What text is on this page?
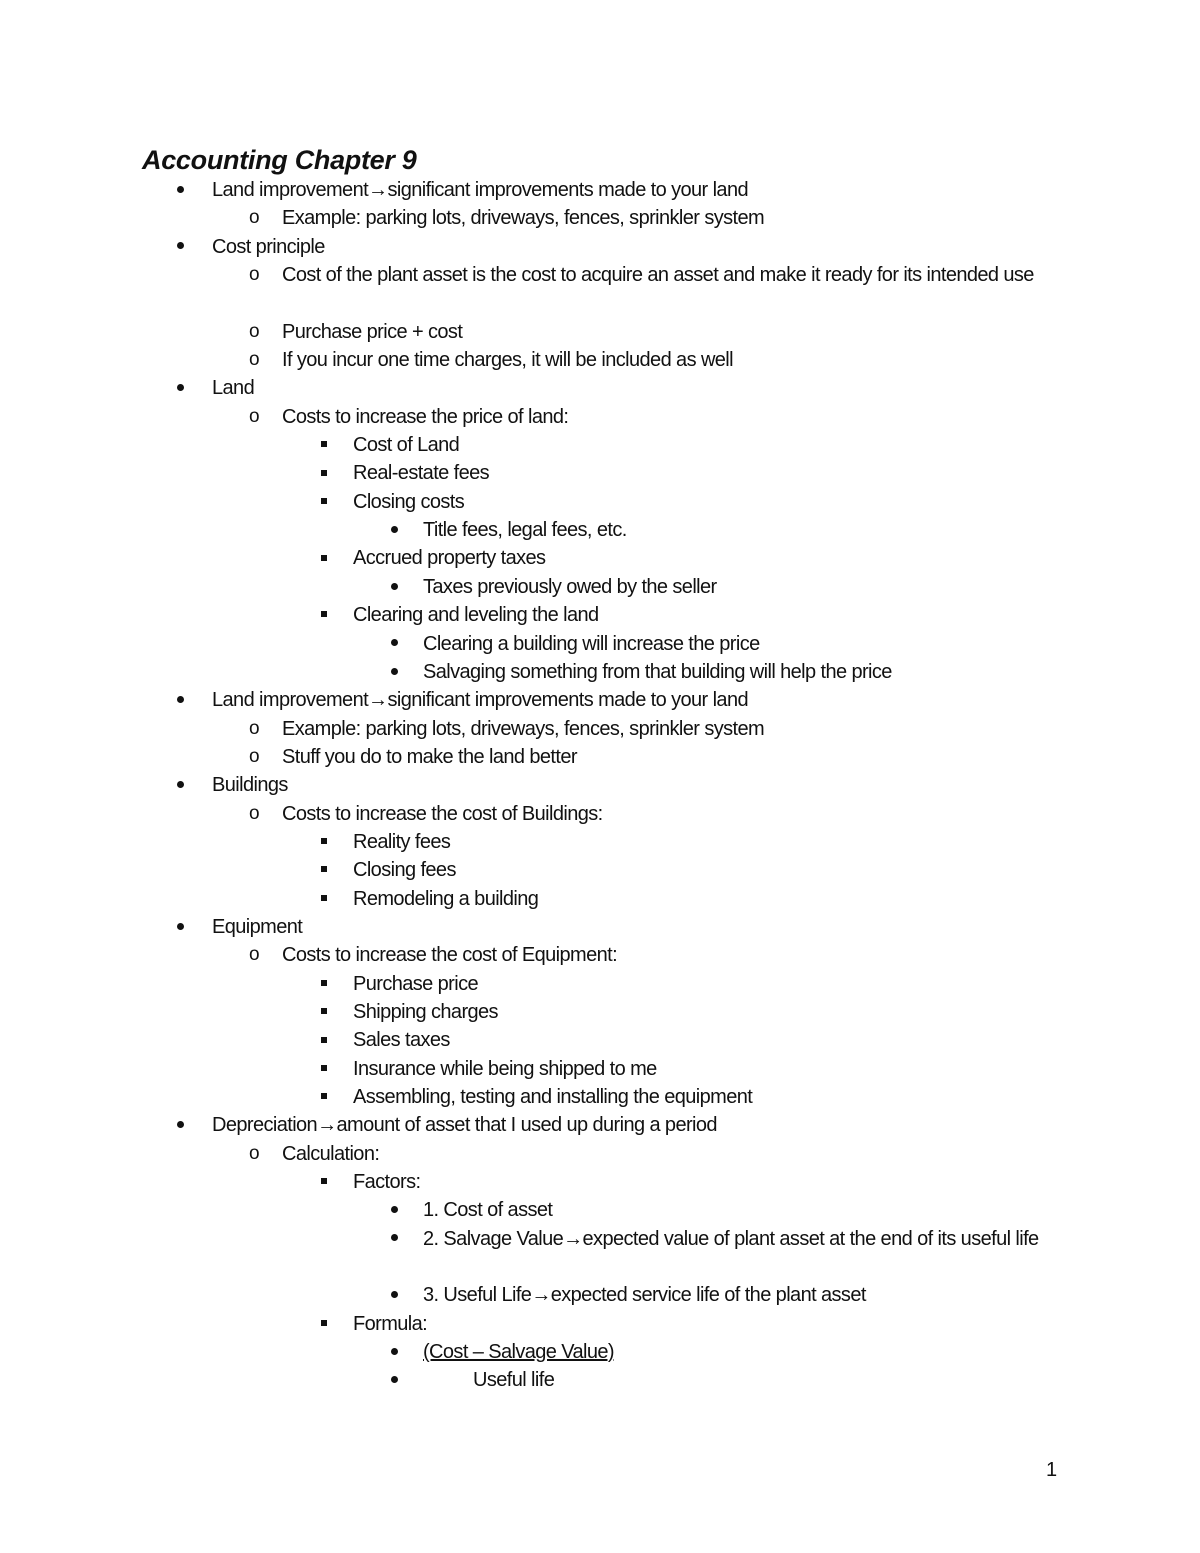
Accounting Chapter 9
Land improvement→significant improvements made to your land
o Example: parking lots, driveways, fences, sprinkler system
Cost principle
o Cost of the plant asset is the cost to acquire an asset and make it ready for its intended use
o Purchase price + cost
o If you incur one time charges, it will be included as well
Land
o Costs to increase the price of land:
Cost of Land
Real-estate fees
Closing costs
Title fees, legal fees, etc.
Accrued property taxes
Taxes previously owed by the seller
Clearing and leveling the land
Clearing a building will increase the price
Salvaging something from that building will help the price
Land improvement→significant improvements made to your land
o Example: parking lots, driveways, fences, sprinkler system
o Stuff you do to make the land better
Buildings
o Costs to increase the cost of Buildings:
Reality fees
Closing fees
Remodeling a building
Equipment
o Costs to increase the cost of Equipment:
Purchase price
Shipping charges
Sales taxes
Insurance while being shipped to me
Assembling, testing and installing the equipment
Depreciation→amount of asset that I used up during a period
o Calculation:
Factors:
1. Cost of asset
2. Salvage Value→expected value of plant asset at the end of its useful life
3. Useful Life→expected service life of the plant asset
Formula:
(Cost – Salvage Value)
Useful life
1
